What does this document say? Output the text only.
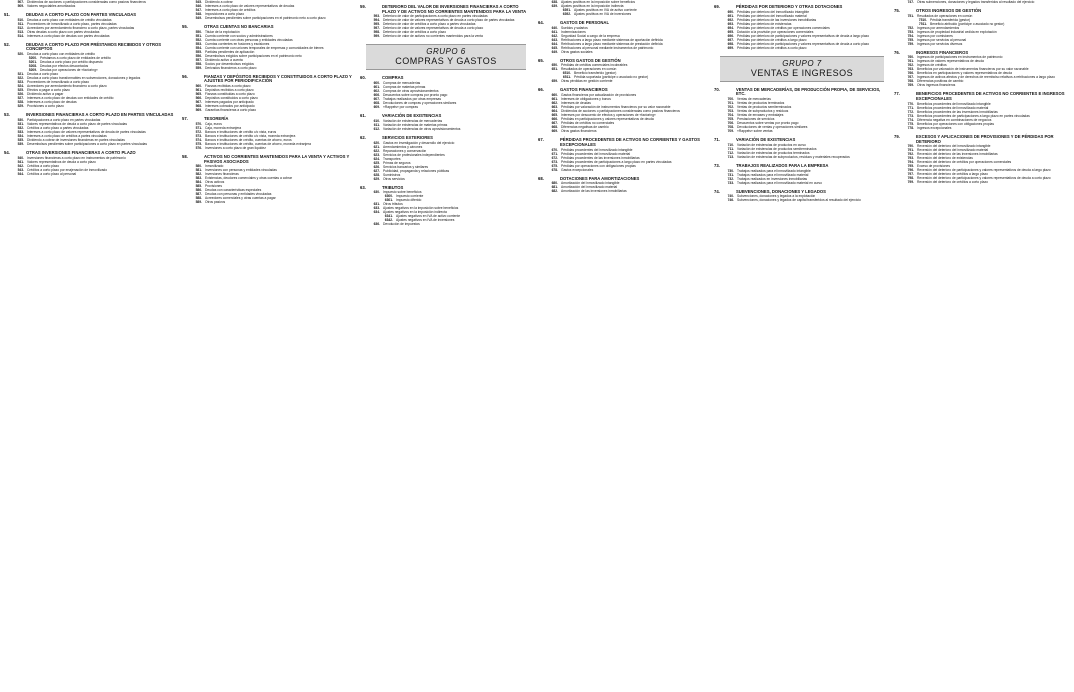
507. Dividendos de acciones o participaciones consideradas como pasivos financieros
509. Valores negociables amortizados
51.	DEUDAS A CORTO PLAZO CON PARTES VINCULADAS
510. Deudas a corto plazo con entidades de crédito vinculadas
511. Proveedores de inmovilizado a corto plazo, partes vinculadas
512. Acreedores por arrendamiento financiero a corto plazo, partes vinculadas
513. Otras deudas a corto plazo con partes vinculadas
514. Intereses a corto plazo de deudas con partes vinculadas
52.	DEUDAS A CORTO PLAZO POR PRÉSTAMOS RECIBIDOS Y OTROS CONCEPTOS
520. Deudas a corto plazo con entidades de crédito
5200. Préstamos a corto plazo de entidades de crédito
5201. Deudas a corto plazo por crédito dispuesto
5208. Deudas por efectos descontados
5209. Deudas por operaciones de «factoring»
521. Deudas a corto plazo
522. Deudas a corto plazo transformables en subvenciones, donaciones y legados
523. Proveedores de inmovilizado a corto plazo
524. Acreedores por arrendamiento financiero a corto plazo
525. Efectos a pagar a corto plazo
526. Dividendo activo a pagar
527. Intereses a corto plazo de deudas con entidades de crédito
528. Intereses a corto plazo de deudas
529. Provisiones a corto plazo
53.	INVERSIONES FINANCIERAS A CORTO PLAZO EN PARTES VINCULADAS
530. Participaciones a corto plazo en partes vinculadas
531. Valores representativos de deuda a corto plazo de partes vinculadas
532. Créditos a corto plazo a partes vinculadas
533. Intereses a corto plazo de valores representativos de deuda de partes vinculadas
534. Intereses a corto plazo de créditos a partes vinculadas
535. Dividendo a cobrar de inversiones financieras en partes vinculadas
539. Desembolsos pendientes sobre participaciones a corto plazo en partes vinculadas
54.	OTRAS INVERSIONES FINANCIERAS A CORTO PLAZO
540. Inversiones financieras a corto plazo en instrumentos de patrimonio
541. Valores representativos de deuda a corto plazo
542. Créditos a corto plazo
543. Créditos a corto plazo por enajenación de inmovilizado
544. Créditos a corto plazo al personal
545. Dividendo a cobrar
546. Intereses a corto plazo de valores representativos de deudas
547. Intereses a corto plazo de créditos
548. Imposiciones a corto plazo
549. Desembolsos pendientes sobre participaciones en el patrimonio neto a corto plazo
55.	OTRAS CUENTAS NO BANCARIAS
550. Titular de la explotación
551. Cuenta corriente con socios y administradores
552. Cuenta corriente con otras personas y entidades vinculadas
553. Cuentas corrientes en fusiones y escisiones
554. Cuenta corriente con uniones temporales de empresas y comunidades de bienes
555. Partidas pendientes de aplicación
556. Desembolsos exigidos sobre participaciones en el patrimonio neto
557. Dividendo activo a cuenta
558. Socios por desembolsos exigidos
559. Derivados financieros a corto plazo
56.	FIANZAS Y DEPÓSITOS RECIBIDOS Y CONSTITUIDOS A CORTO PLAZO Y AJUSTES POR PERIODIFICACIÓN
560. Fianzas recibidas a corto plazo
561. Depósitos recibidos a corto plazo
565. Fianzas constituidas a corto plazo
566. Depósitos constituidos a corto plazo
567. Intereses pagados por anticipado
568. Intereses cobrados por anticipado
569. Garantías financieras a corto plazo
57.	TESORERÍA
570. Caja, euros
571. Caja, moneda extranjera
572. Bancos e instituciones de crédito c/c vista, euros
573. Bancos e instituciones de crédito c/c vista, moneda extranjera
574. Bancos e instituciones de crédito, cuentas de ahorro, euros
575. Bancos e instituciones de crédito, cuentas de ahorro, moneda extranjera
576. Inversiones a corto plazo de gran liquidez
58.	ACTIVOS NO CORRIENTES MANTENIDOS PARA LA VENTA Y ACTIVOS Y PASIVOS ASOCIADOS
580. Inmovilizado
581. Inversiones con personas y entidades vinculadas
582. Inversiones financieras
583. Existencias, deudores comerciales y otras cuentas a cobrar
584. Otros activos
585. Provisiones
586. Deudas con características especiales
587. Deudas con personas y entidades vinculadas
588. Acreedores comerciales y otras cuentas a pagar
589. Otros pasivos
59.	DETERIORO DEL VALOR DE INVERSIONES FINANCIERAS A CORTO PLAZO Y DE ACTIVOS NO CORRIENTES MANTENIDOS PARA LA VENTA
593. Deterioro de valor de participaciones a corto plazo en partes vinculadas
594. Deterioro de valor de valores representativos de deuda a corto plazo de partes vinculadas
595. Deterioro de valor de créditos a corto plazo a partes vinculadas
597. Deterioro de valor de valores representativos de deuda a corto plazo
598. Deterioro de valor de créditos a corto plazo
599. Deterioro de valor de activos no corrientes mantenidos para la venta
GRUPO 6
COMPRAS Y GASTOS
60.	COMPRAS
600. Compras de mercaderías
601. Compras de materias primas
602. Compras de otros aprovisionamientos
606. Descuentos sobre compras por pronto pago
607. Trabajos realizados por otras empresas
608. Devoluciones de compras y operaciones similares
609. «Rappels» por compras
61.	VARIACIÓN DE EXISTENCIAS
610. Variación de existencias de mercaderías
611. Variación de existencias de materias primas
612. Variación de existencias de otros aprovisionamientos
62.	SERVICIOS EXTERIORES
620. Gastos en investigación y desarrollo del ejercicio
621. Arrendamientos y cánones
622. Reparaciones y conservación
623. Servicios de profesionales independientes
624. Transportes
625. Primas de seguros
626. Servicios bancarios y similares
627. Publicidad, propaganda y relaciones públicas
628. Suministros
629. Otros servicios
63.	TRIBUTOS
630. Impuesto sobre beneficios
6300. Impuesto corriente
6301. Impuesto diferido
631. Otros tributos
633. Ajustes negativos en la imposición sobre beneficios
634. Ajustes negativos en la imposición indirecta
6341. Ajustes negativos en IVA de activo corriente
6342. Ajustes negativos en IVA de inversiones
636. Devolución de impuestos
638. Ajustes positivos en la imposición sobre beneficios
639. Ajustes positivos en la imposición indirecta
6391. Ajustes positivos en IVA de activo corriente
6392. Ajustes positivos en IVA de inversiones
64.	GASTOS DE PERSONAL
640. Sueldos y salarios
641. Indemnizaciones
642. Seguridad Social a cargo de la empresa
643. Retribuciones a largo plazo mediante sistemas de aportación definida
644. Retribuciones a largo plazo mediante sistemas de prestación definida
645. Retribuciones al personal mediante instrumentos de patrimonio
649. Otros gastos sociales
65.	OTROS GASTOS DE GESTIÓN
650. Pérdidas de créditos comerciales incobrables
651. Resultados de operaciones en común
6510. Beneficio transferido (gestor)
6511. Pérdida soportada (partícipe o asociado no gestor)
659. Otras pérdidas en gestión corriente
66.	GASTOS FINANCIEROS
660. Gastos financieros por actualización de provisiones
661. Intereses de obligaciones y bonos
662. Intereses de deudas
663. Pérdidas por valoración de instrumentos financieros por su valor razonable
664. Dividendos de acciones o participaciones consideradas como pasivos financieros
665. Intereses por descuento de efectos y operaciones de «factoring»
666. Pérdidas en participaciones y valores representativos de deuda
667. Pérdidas de créditos no comerciales
668. Diferencias negativas de cambio
669. Otros gastos financieros
67.	PÉRDIDAS PROCEDENTES DE ACTIVOS NO CORRIENTES Y GASTOS EXCEPCIONALES
670. Pérdidas procedentes del inmovilizado intangible
671. Pérdidas procedentes del inmovilizado material
672. Pérdidas procedentes de las inversiones inmobiliarias
673. Pérdidas procedentes de participaciones a largo plazo en partes vinculadas
675. Pérdidas por operaciones con obligaciones propias
678. Gastos excepcionales
68.	DOTACIONES PARA AMORTIZACIONES
680. Amortización del inmovilizado intangible
681. Amortización del inmovilizado material
682. Amortización de las inversiones inmobiliarias
69.	PÉRDIDAS POR DETERIORO Y OTRAS DOTACIONES
690. Pérdidas por deterioro del inmovilizado intangible
691. Pérdidas por deterioro del inmovilizado material
692. Pérdidas por deterioro de las inversiones inmobiliarias
693. Pérdidas por deterioro de existencias
694. Pérdidas por deterioro de créditos por operaciones comerciales
695. Dotación a la provisión por operaciones comerciales
696. Pérdidas por deterioro de participaciones y valores representativos de deuda a largo plazo
697. Pérdidas por deterioro de créditos a largo plazo
698. Pérdidas por deterioro de participaciones y valores representativos de deuda a corto plazo
699. Pérdidas por deterioro de créditos a corto plazo
GRUPO 7
VENTAS E INGRESOS
70.	VENTAS DE MERCADERÍAS, DE PRODUCCIÓN PROPIA, DE SERVICIOS, ETC.
700. Ventas de mercaderías
701. Ventas de productos terminados
702. Ventas de productos semiterminados
703. Ventas de subproductos y residuos
704. Ventas de envases y embalajes
705. Prestaciones de servicios
706. Descuentos sobre ventas por pronto pago
708. Devoluciones de ventas y operaciones similares
709. «Rappels» sobre ventas
71.	VARIACIÓN DE EXISTENCIAS
710. Variación de existencias de productos en curso
711. Variación de existencias de productos semiterminados
712. Variación de existencias de productos terminados
713. Variación de existencias de subproductos, residuos y materiales recuperados
73.	TRABAJOS REALIZADOS PARA LA EMPRESA
730. Trabajos realizados para el inmovilizado intangible
731. Trabajos realizados para el inmovilizado material
732. Trabajos realizados en inversiones inmobiliarias
733. Trabajos realizados para el inmovilizado material en curso
74.	SUBVENCIONES, DONACIONES Y LEGADOS
740. Subvenciones, donaciones y legados a la explotación
746. Subvenciones, donaciones y legados de capital transferidos al resultado del ejercicio
747. Otras subvenciones, donaciones y legados transferidos al resultado del ejercicio
75.	OTROS INGRESOS DE GESTIÓN
751. Resultados de operaciones en común
7510. Pérdida transferida (gestor)
7511. Beneficio atribuido (partícipe o asociado no gestor)
752. Ingresos por arrendamientos
753. Ingresos de propiedad industrial cedida en explotación
754. Ingresos por comisiones
755. Ingresos por servicios al personal
759. Ingresos por servicios diversos
76.	INGRESOS FINANCIEROS
760. Ingresos de participaciones en instrumentos de patrimonio
761. Ingresos de valores representativos de deuda
762. Ingresos de créditos
763. Beneficios por valoración de instrumentos financieros por su valor razonable
766. Beneficios en participaciones y valores representativos de deuda
767. Ingresos de activos afectos y de derechos de reembolso relativos a retribuciones a largo plazo
768. Diferencias positivas de cambio
769. Otros ingresos financieros
77.	BENEFICIOS PROCEDENTES DE ACTIVOS NO CORRIENTES E INGRESOS EXCEPCIONALES
770. Beneficios procedentes del inmovilizado intangible
771. Beneficios procedentes del inmovilizado material
772. Beneficios procedentes de las inversiones inmobiliarias
773. Beneficios procedentes de participaciones a largo plazo en partes vinculadas
774. Diferencia negativa en combinaciones de negocios
775. Beneficios por operaciones con obligaciones propias
778. Ingresos excepcionales
79.	EXCESOS Y APLICACIONES DE PROVISIONES Y DE PÉRDIDAS POR DETERIORO
790. Reversión del deterioro del inmovilizado intangible
791. Reversión del deterioro del inmovilizado material
792. Reversión del deterioro de las inversiones inmobiliarias
793. Reversión del deterioro de existencias
794. Reversión del deterioro de créditos por operaciones comerciales
795. Exceso de provisiones
796. Reversión del deterioro de participaciones y valores representativos de deuda a largo plazo
797. Reversión del deterioro de créditos a largo plazo
798. Reversión del deterioro de participaciones y valores representativos de deuda a corto plazo
799. Reversión del deterioro de créditos a corto plazo
